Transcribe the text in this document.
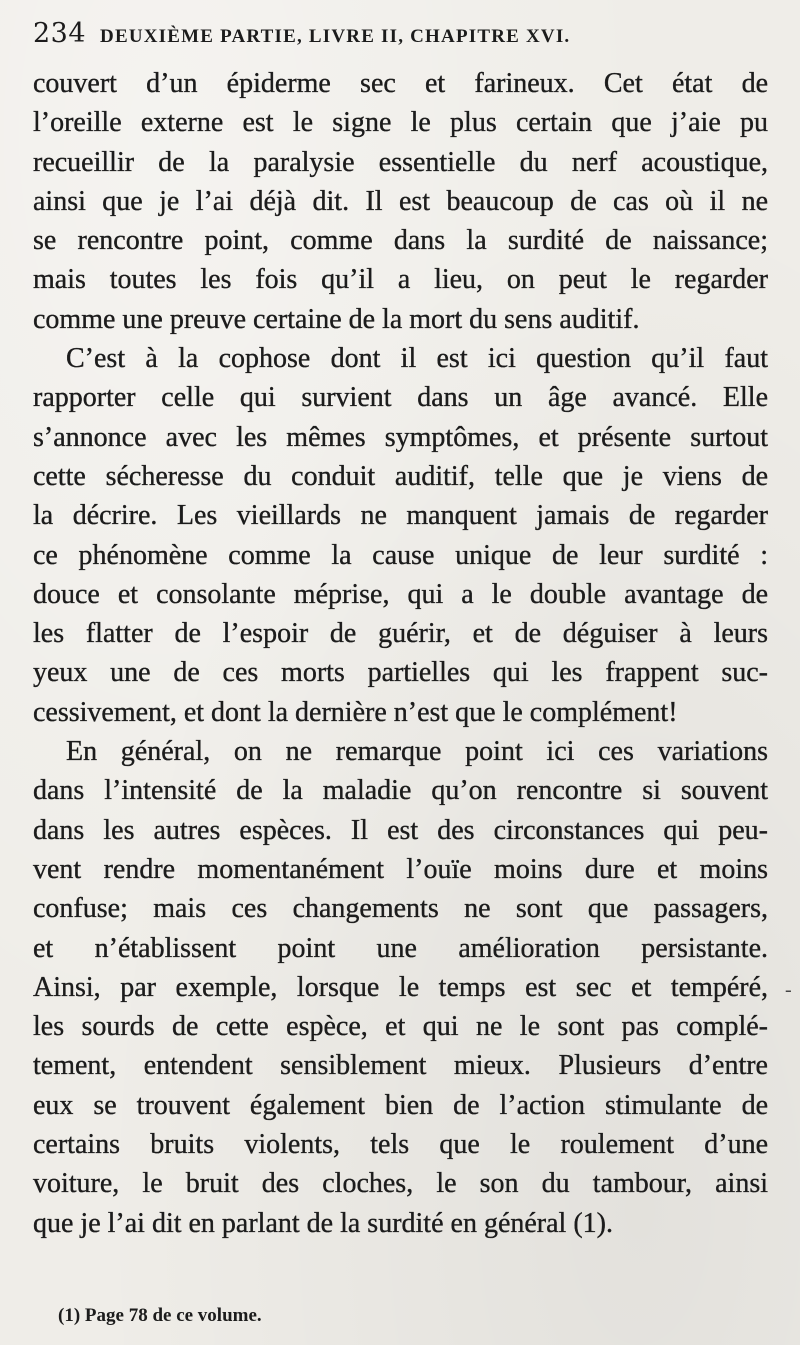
234 DEUXIÈME PARTIE, LIVRE II, CHAPITRE XVI.
couvert d’un épiderme sec et farineux. Cet état de
l’oreille externe est le signe le plus certain que j’aie pu
recueillir de la paralysie essentielle du nerf acoustique,
ainsi que je l’ai déjà dit. Il est beaucoup de cas où il ne
se rencontre point, comme dans la surdité de naissance;
mais toutes les fois qu’il a lieu, on peut le regarder
comme une preuve certaine de la mort du sens auditif.
C’est à la cophose dont il est ici question qu’il faut
rapporter celle qui survient dans un âge avancé. Elle
s’annonce avec les mêmes symptômes, et présente surtout
cette sécheresse du conduit auditif, telle que je viens de
la décrire. Les vieillards ne manquent jamais de regarder
ce phénomène comme la cause unique de leur surdité :
douce et consolante méprise, qui a le double avantage de
les flatter de l’espoir de guérir, et de déguiser à leurs
yeux une de ces morts partielles qui les frappent suc-
cessivement, et dont la dernière n’est que le complément!
En général, on ne remarque point ici ces variations
dans l’intensité de la maladie qu’on rencontre si souvent
dans les autres espèces. Il est des circonstances qui peu-
vent rendre momentanément l’ouïe moins dure et moins
confuse; mais ces changements ne sont que passagers,
et n’établissent point une amélioration persistante.
Ainsi, par exemple, lorsque le temps est sec et tempéré,
les sourds de cette espèce, et qui ne le sont pas complé-
tement, entendent sensiblement mieux. Plusieurs d’entre
eux se trouvent également bien de l’action stimulante de
certains bruits violents, tels que le roulement d’une
voiture, le bruit des cloches, le son du tambour, ainsi
que je l’ai dit en parlant de la surdité en général (1).
-
(1) Page 78 de ce volume.
